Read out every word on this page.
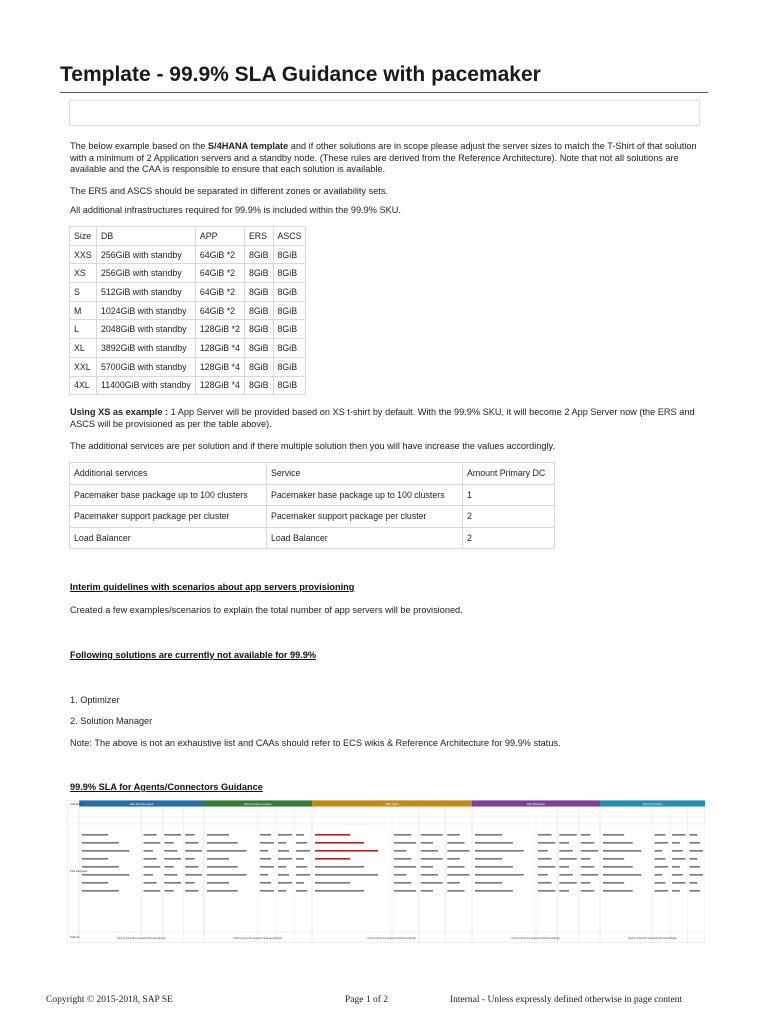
Template - 99.9% SLA Guidance with pacemaker
The below example based on the S/4HANA template and if other solutions are in scope please adjust the server sizes to match the T-Shirt of that solution with a minimum of 2 Application servers and a standby node. (These rules are derived from the Reference Architecture). Note that not all solutions are available and the CAA is responsible to ensure that each solution is available.
The ERS and ASCS should be separated in different zones or availability sets.
All additional infrastructures required for 99.9% is included within the 99.9% SKU.
Size	DB	APP	ERS	ASCS
XXS	256GiB with standby	64GiB *2	8GiB	8GiB
XS	256GiB with standby	64GiB *2	8GiB	8GiB
S	512GiB with standby	64GiB *2	8GiB	8GiB
M	1024GiB with standby	64GiB *2	8GiB	8GiB
L	2048GiB with standby	128GiB *2	8GiB	8GiB
XL	3892GiB with standby	128GiB *4	8GiB	8GiB
XXL	5700GiB with standby	128GiB *4	8GiB	8GiB
4XL	11400GiB with standby	128GiB *4	8GiB	8GiB
Using XS as example : 1 App Server will be provided based on XS t-shirt by default. With the 99.9% SKU, it will become 2 App Server now (the ERS and ASCS will be provisioned as per the table above).
The additional services are per solution and if there multiple solution then you will have increase the values accordingly.
Additional services	Service	Amount Primary DC
Pacemaker base package up to 100 clusters	Pacemaker base package up to 100 clusters	1
Pacemaker support package per cluster	Pacemaker support package per cluster	2
Load Balancer	Load Balancer	2
Interim guidelines with scenarios about app servers provisioning
Created a few examples/scenarios to explain the total number of app servers will be provisioned.
Following solutions are currently not available for 99.9%
1. Optimizer
2. Solution Manager
Note: The above is not an exhaustive list and CAAs should refer to ECS wikis & Reference Architecture for 99.9% status.
99.9% SLA for Agents/Connectors Guidance
Data Services Agent	Data Provisioning Agent	SRC Agent	Web Dispatcher	Cloud Connector
CAA to price the required infra accordingly.	CAA to price the required infra accordingly.	CAA to price the required infra accordingly.	CAA to price the required infra accordingly.	CAA to price the required infra accordingly.
PCE Model
PCE Packages
PCE HA
Copyright © 2015-2018, SAP SE	Page 1 of 2	Internal - Unless expressly defined otherwise in page content
